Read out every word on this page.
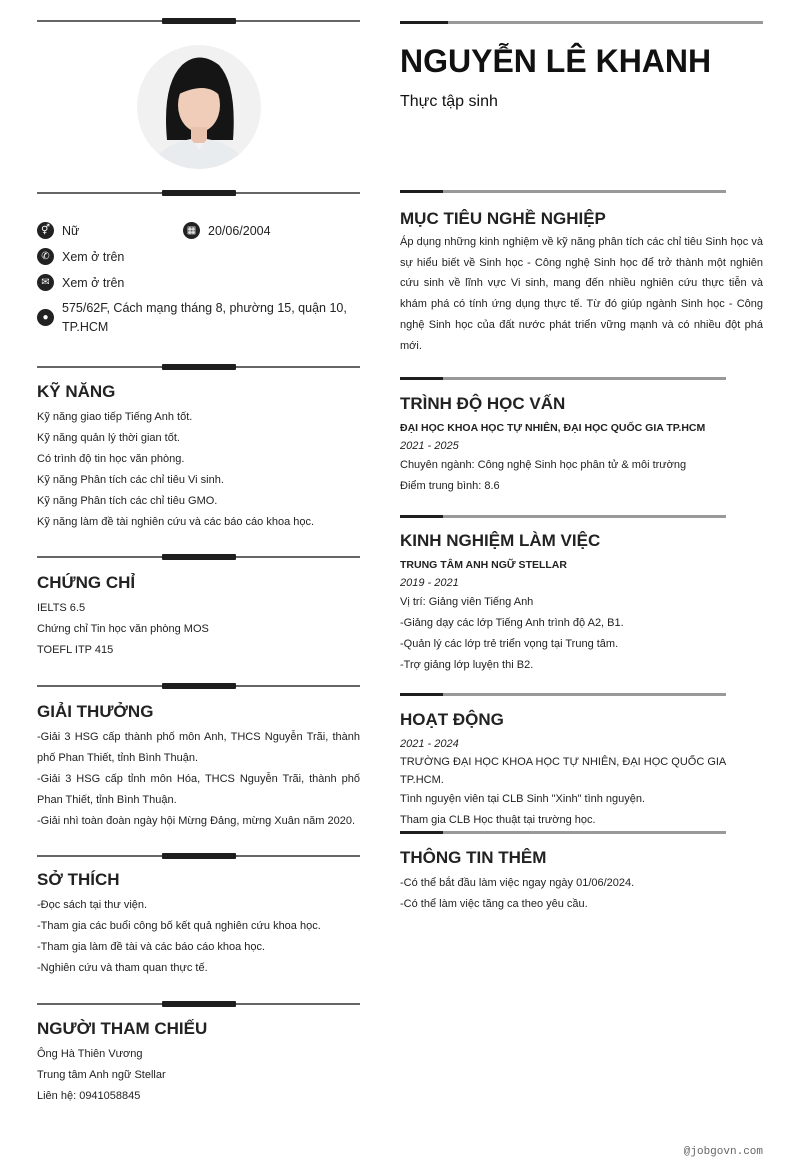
⚥ Nữ	▦ 20/06/2004
✆ Xem ở trên
✉ Xem ở trên
●
575/62F, Cách mạng tháng 8, phường 15, quận 10, TP.HCM
KỸ NĂNG
Kỹ năng giao tiếp Tiếng Anh tốt.
Kỹ năng quản lý thời gian tốt.
Có trình độ tin học văn phòng.
Kỹ năng Phân tích các chỉ tiêu Vi sinh.
Kỹ năng Phân tích các chỉ tiêu GMO.
Kỹ năng làm đề tài nghiên cứu và các báo cáo khoa học.
CHỨNG CHỈ
IELTS 6.5
Chứng chỉ Tin học văn phòng MOS
TOEFL ITP 415
GIẢI THƯỞNG
-Giải 3 HSG cấp thành phố môn Anh, THCS Nguyễn Trãi, thành phố Phan Thiết, tỉnh Bình Thuận.
-Giải 3 HSG cấp tỉnh môn Hóa, THCS Nguyễn Trãi, thành phố Phan Thiết, tỉnh Bình Thuận.
-Giải nhì toàn đoàn ngày hội Mừng Đảng, mừng Xuân năm 2020.
SỞ THÍCH
-Đọc sách tại thư viện.
-Tham gia các buổi công bố kết quả nghiên cứu khoa học.
-Tham gia làm đề tài và các báo cáo khoa học.
-Nghiên cứu và tham quan thực tế.
NGƯỜI THAM CHIẾU
Ông Hà Thiên Vương
Trung tâm Anh ngữ Stellar
Liên hệ: 0941058845
NGUYỄN LÊ KHANH
Thực tập sinh
MỤC TIÊU NGHỀ NGHIỆP
Áp dụng những kinh nghiệm về kỹ năng phân tích các chỉ tiêu Sinh học và sự hiểu biết về Sinh học - Công nghệ Sinh học để trở thành một nghiên cứu sinh về lĩnh vực Vi sinh, mang đến nhiều nghiên cứu thực tiễn và khám phá có tính ứng dụng thực tế. Từ đó giúp ngành Sinh học - Công nghệ Sinh học của đất nước phát triển vững mạnh và có nhiều đột phá mới.
TRÌNH ĐỘ HỌC VẤN
ĐẠI HỌC KHOA HỌC TỰ NHIÊN, ĐẠI HỌC QUỐC GIA TP.HCM
2021 - 2025
Chuyên ngành: Công nghệ Sinh học phân tử & môi trường
Điểm trung bình: 8.6
KINH NGHIỆM LÀM VIỆC
TRUNG TÂM ANH NGỮ STELLAR
2019 - 2021
Vị trí: Giảng viên Tiếng Anh
-Giảng dạy các lớp Tiếng Anh trình độ A2, B1.
-Quản lý các lớp trẻ triển vọng tại Trung tâm.
-Trợ giảng lớp luyện thi B2.
HOẠT ĐỘNG
2021 - 2024
TRƯỜNG ĐẠI HỌC KHOA HỌC TỰ NHIÊN, ĐẠI HỌC QUỐC GIA TP.HCM.
Tình nguyện viên tại CLB Sinh "Xinh" tình nguyện.
Tham gia CLB Học thuật tại trường học.
THÔNG TIN THÊM
-Có thể bắt đầu làm việc ngay ngày 01/06/2024.
-Có thể làm việc tăng ca theo yêu cầu.
@jobgovn.com
